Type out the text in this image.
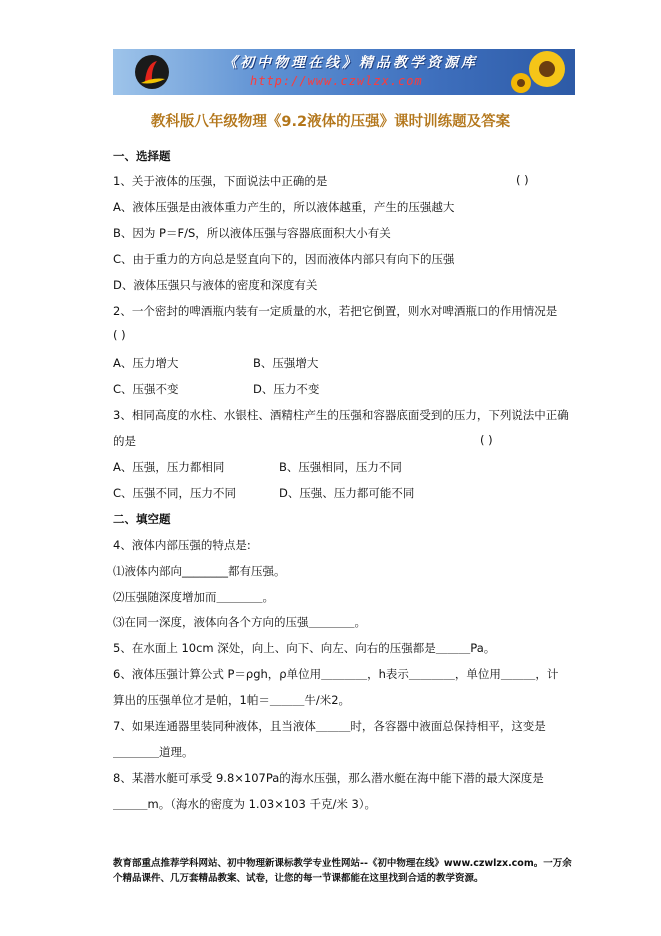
《初中物理在线》精品教学资源库
http://www.czwlzx.com
教科版八年级物理《9.2液体的压强》课时训练题及答案
一、选择题
1、关于液体的压强，下面说法中正确的是	( )
A、液体压强是由液体重力产生的，所以液体越重，产生的压强越大
B、因为 P＝F/S，所以液体压强与容器底面积大小有关
C、由于重力的方向总是竖直向下的，因而液体内部只有向下的压强
D、液体压强只与液体的密度和深度有关
2、一个密封的啤酒瓶内装有一定质量的水，若把它倒置，则水对啤酒瓶口的作用情况是
( )
A、压力增大	B、压强增大
C、压强不变	D、压力不变
3、相同高度的水柱、水银柱、酒精柱产生的压强和容器底面受到的压力，下列说法中正确
的是	( )
A、压强，压力都相同	B、压强相同，压力不同
C、压强不同，压力不同	D、压强、压力都可能不同
二、填空题
4、液体内部压强的特点是:
⑴液体内部向________都有压强。
⑵压强随深度增加而＿＿＿＿。
⑶在同一深度，液体向各个方向的压强＿＿＿＿。
5、在水面上 10cm 深处，向上、向下、向左、向右的压强都是＿＿＿Pa。
6、液体压强计算公式 P＝ρgh，ρ单位用＿＿＿＿，h表示＿＿＿＿，单位用＿＿＿，计
算出的压强单位才是帕，1帕＝＿＿＿牛/米2。
7、如果连通器里装同种液体，且当液体＿＿＿时，各容器中液面总保持相平，这变是
＿＿＿＿道理。
8、某潜水艇可承受 9.8×107Pa的海水压强，那么潜水艇在海中能下潜的最大深度是
＿＿＿m。（海水的密度为 1.03×103 千克/米 3）。
教育部重点推荐学科网站、初中物理新课标教学专业性网站--《初中物理在线》www.czwlzx.com。一万余
个精品课件、几万套精品教案、试卷，让您的每一节课都能在这里找到合适的教学资源。
